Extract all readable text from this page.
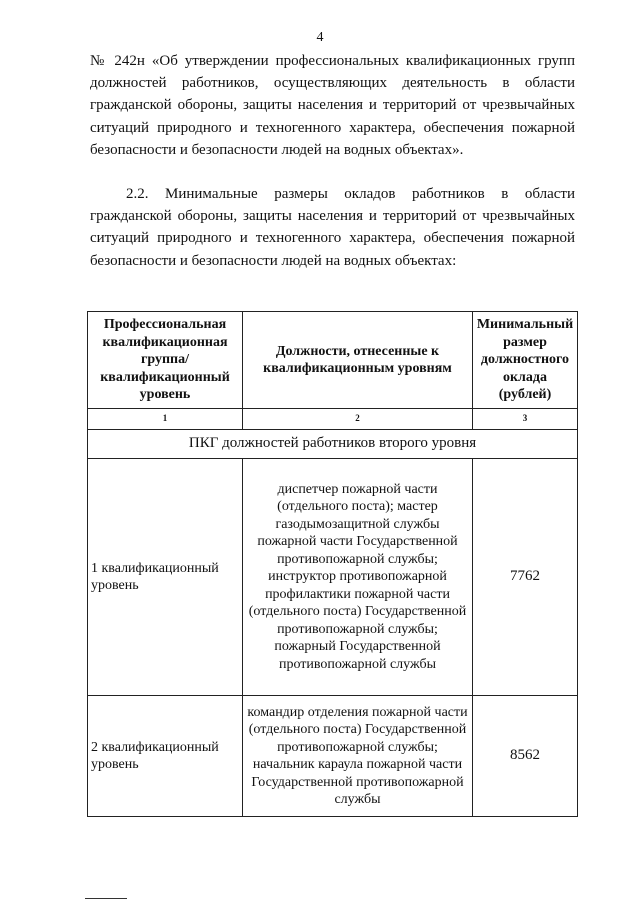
4

№ 242н «Об утверждении профессиональных квалификационных групп должностей работников, осуществляющих деятельность в области гражданской обороны, защиты населения и территорий от чрезвычайных ситуаций природного и техногенного характера, обеспечения пожарной безопасности и безопасности людей на водных объектах».

2.2. Минимальные размеры окладов работников в области гражданской обороны, защиты населения и территорий от чрезвычайных ситуаций природного и техногенного характера, обеспечения пожарной безопасности и безопасности людей на водных объектах:

Профессиональная квалификационная группа/ квалификационный уровень	Должности, отнесенные к квалификационным уровням	Минимальный размер должностного оклада (рублей)
1	2	3
ПКГ должностей работников второго уровня		
1 квалификационный уровень	диспетчер пожарной части (отдельного поста); мастер газодымозащитной службы пожарной части Государственной противопожарной службы; инструктор противопожарной профилактики пожарной части (отдельного поста) Государственной противопожарной службы; пожарный Государственной противопожарной службы	7762
2 квалификационный уровень	командир отделения пожарной части (отдельного поста) Государственной противопожарной службы; начальник караула пожарной части Государственной противопожарной службы	8562
